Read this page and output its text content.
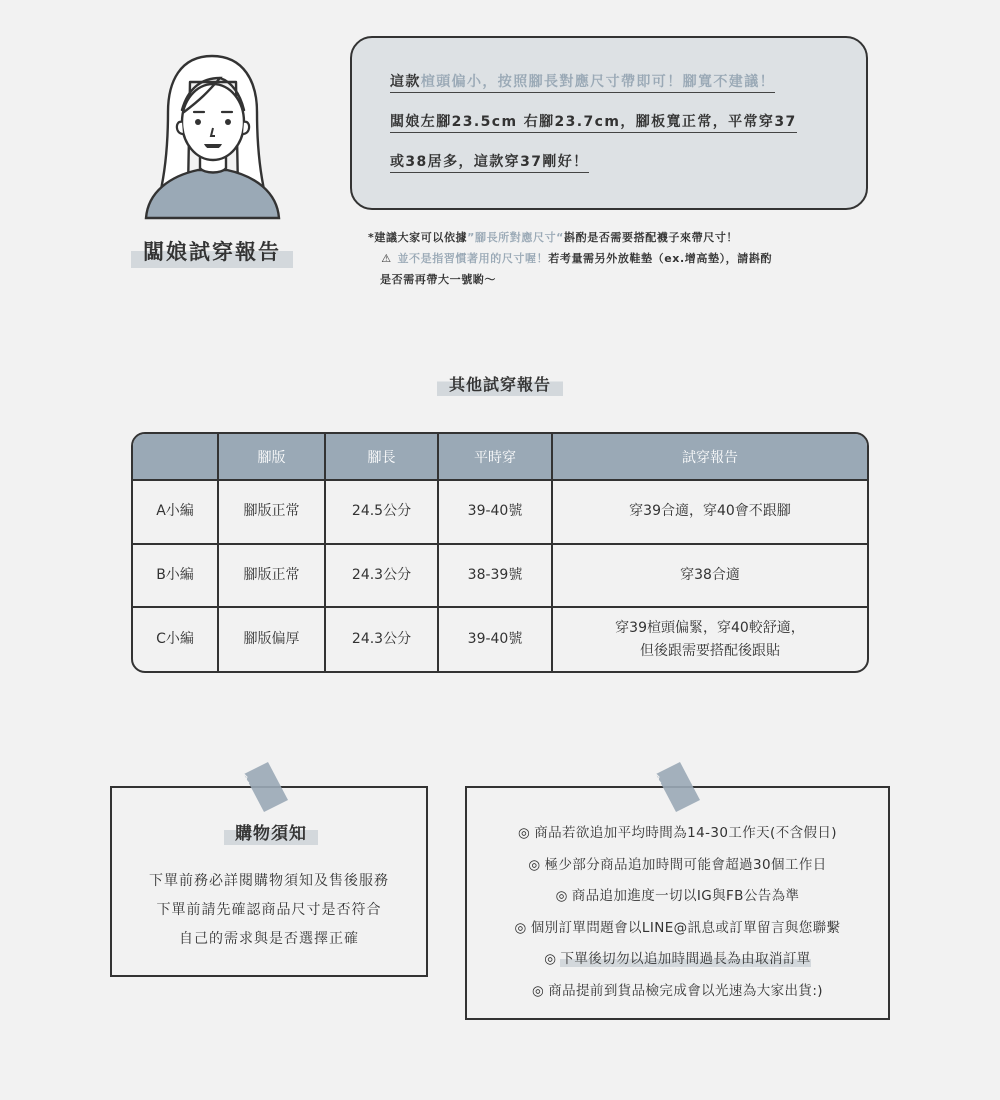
闆娘試穿報告
這款楦頭偏小，按照腳長對應尺寸帶即可！腳寬不建議！
闆娘左腳23.5cm 右腳23.7cm，腳板寬正常，平常穿37
或38居多，這款穿37剛好！
*建議大家可以依據”腳長所對應尺寸“斟酌是否需要搭配襪子來帶尺寸！
⚠ 並不是指習慣著用的尺寸喔！若考量需另外放鞋墊（ex.增高墊），請斟酌
是否需再帶大一號喲～
其他試穿報告
	腳版	腳長	平時穿	試穿報告
A小編	腳版正常	24.5公分	39-40號	穿39合適，穿40會不跟腳
B小編	腳版正常	24.3公分	38-39號	穿38合適
C小編	腳版偏厚	24.3公分	39-40號	穿39楦頭偏緊，穿40較舒適，
但後跟需要搭配後跟貼
購物須知
下單前務必詳閱購物須知及售後服務
下單前請先確認商品尺寸是否符合
自己的需求與是否選擇正確
◎ 商品若欲追加平均時間為14-30工作天(不含假日)
◎ 極少部分商品追加時間可能會超過30個工作日
◎ 商品追加進度一切以IG與FB公告為準
◎ 個別訂單問題會以LINE@訊息或訂單留言與您聯繫
◎ 下單後切勿以追加時間過長為由取消訂單
◎ 商品提前到貨品檢完成會以光速為大家出貨:)
